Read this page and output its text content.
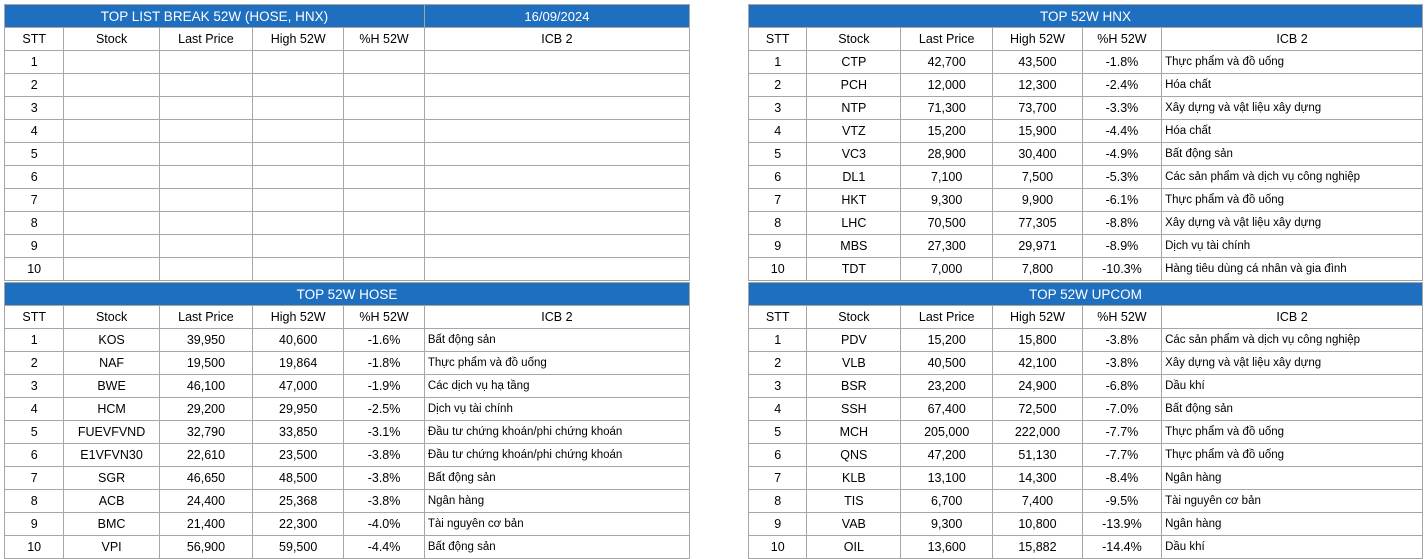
TOP LIST BREAK 52W (HOSE, HNX)					16/09/2024
STT	Stock	Last Price	High 52W	%H 52W	ICB 2
1					
2					
3					
4					
5					
6					
7					
8					
9					
10					
TOP 52W HNX					
STT	Stock	Last Price	High 52W	%H 52W	ICB 2
1	CTP	42,700	43,500	-1.8%	Thực phẩm và đồ uống
2	PCH	12,000	12,300	-2.4%	Hóa chất
3	NTP	71,300	73,700	-3.3%	Xây dựng và vật liệu xây dựng
4	VTZ	15,200	15,900	-4.4%	Hóa chất
5	VC3	28,900	30,400	-4.9%	Bất động sản
6	DL1	7,100	7,500	-5.3%	Các sản phẩm và dịch vụ công nghiệp
7	HKT	9,300	9,900	-6.1%	Thực phẩm và đồ uống
8	LHC	70,500	77,305	-8.8%	Xây dựng và vật liệu xây dựng
9	MBS	27,300	29,971	-8.9%	Dịch vụ tài chính
10	TDT	7,000	7,800	-10.3%	Hàng tiêu dùng cá nhân và gia đình
TOP 52W HOSE					
STT	Stock	Last Price	High 52W	%H 52W	ICB 2
1	KOS	39,950	40,600	-1.6%	Bất động sản
2	NAF	19,500	19,864	-1.8%	Thực phẩm và đồ uống
3	BWE	46,100	47,000	-1.9%	Các dịch vụ hạ tầng
4	HCM	29,200	29,950	-2.5%	Dịch vụ tài chính
5	FUEVFVND	32,790	33,850	-3.1%	Đầu tư chứng khoán/phi chứng khoán
6	E1VFVN30	22,610	23,500	-3.8%	Đầu tư chứng khoán/phi chứng khoán
7	SGR	46,650	48,500	-3.8%	Bất động sản
8	ACB	24,400	25,368	-3.8%	Ngân hàng
9	BMC	21,400	22,300	-4.0%	Tài nguyên cơ bản
10	VPI	56,900	59,500	-4.4%	Bất động sản
TOP 52W UPCOM					
STT	Stock	Last Price	High 52W	%H 52W	ICB 2
1	PDV	15,200	15,800	-3.8%	Các sản phẩm và dịch vụ công nghiệp
2	VLB	40,500	42,100	-3.8%	Xây dựng và vật liệu xây dựng
3	BSR	23,200	24,900	-6.8%	Dầu khí
4	SSH	67,400	72,500	-7.0%	Bất động sản
5	MCH	205,000	222,000	-7.7%	Thực phẩm và đồ uống
6	QNS	47,200	51,130	-7.7%	Thực phẩm và đồ uống
7	KLB	13,100	14,300	-8.4%	Ngân hàng
8	TIS	6,700	7,400	-9.5%	Tài nguyên cơ bản
9	VAB	9,300	10,800	-13.9%	Ngân hàng
10	OIL	13,600	15,882	-14.4%	Dầu khí
